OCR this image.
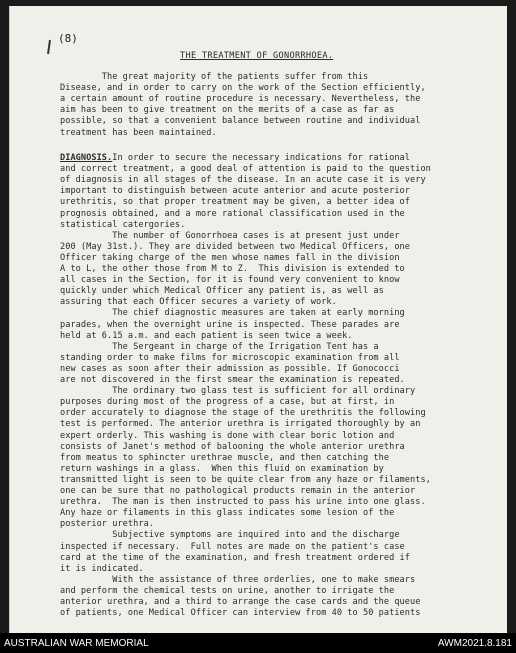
(8)
THE TREATMENT OF GONORRHOEA.
The great majority of the patients suffer from this
Disease, and in order to carry on the work of the Section efficiently,
a certain amount of routine procedure is necessary. Nevertheless, the
aim has been to give treatment on the merits of a case as far as
possible, so that a convenient balance between routine and individual
treatment has been maintained.
DIAGNOSIS.In order to secure the necessary indications for rational
and correct treatment, a good deal of attention is paid to the question
of diagnosis in all stages of the disease. In an acute case it is very
important to distinguish between acute anterior and acute posterior
urethritis, so that proper treatment may be given, a better idea of
prognosis obtained, and a more rational classification used in the
statistical catergories.
The number of Gonorrhoea cases is at present just under
200 (May 31st.). They are divided between two Medical Officers, one
Officer taking charge of the men whose names fall in the division
A to L, the other those from M to Z.  This division is extended to
all cases in the Section, for it is found very convenient to know
quickly under which Medical Officer any patient is, as well as
assuring that each Officer secures a variety of work.
The chief diagnostic measures are taken at early morning
parades, when the overnight urine is inspected. These parades are
held at 6.15 a.m. and each patient is seen twice a week.
The Sergeant in charge of the Irrigation Tent has a
standing order to make films for microscopic examination from all
new cases as soon after their admission as possible. If Gonococci
are not discovered in the first smear the examination is repeated.
The ordinary two glass test is sufficient for all ordinary
purposes during most of the progress of a case, but at first, in
order accurately to diagnose the stage of the urethritis the following
test is performed. The anterior urethra is irrigated thoroughly by an
expert orderly. This washing is done with clear boric lotion and
consists of Janet's method of balooning the whole anterior urethra
from meatus to sphincter urethrae muscle, and then catching the
return washings in a glass.  When this fluid on examination by
transmitted light is seen to be quite clear from any haze or filaments,
one can be sure that no pathological products remain in the anterior
urethra.  The man is then instructed to pass his urine into one glass.
Any haze or filaments in this glass indicates some lesion of the
posterior urethra.
Subjective symptoms are inquired into and the discharge
inspected if necessary.  Full notes are made on the patient's case
card at the time of the examination, and fresh treatment ordered if
it is indicated.
With the assistance of three orderlies, one to make smears
and perform the chemical tests on urine, another to irrigate the
anterior urethra, and a third to arrange the case cards and the queue
of patients, one Medical Officer can interview from 40 to 50 patients
AUSTRALIAN WAR MEMORIAL	AWM2021.8.181
